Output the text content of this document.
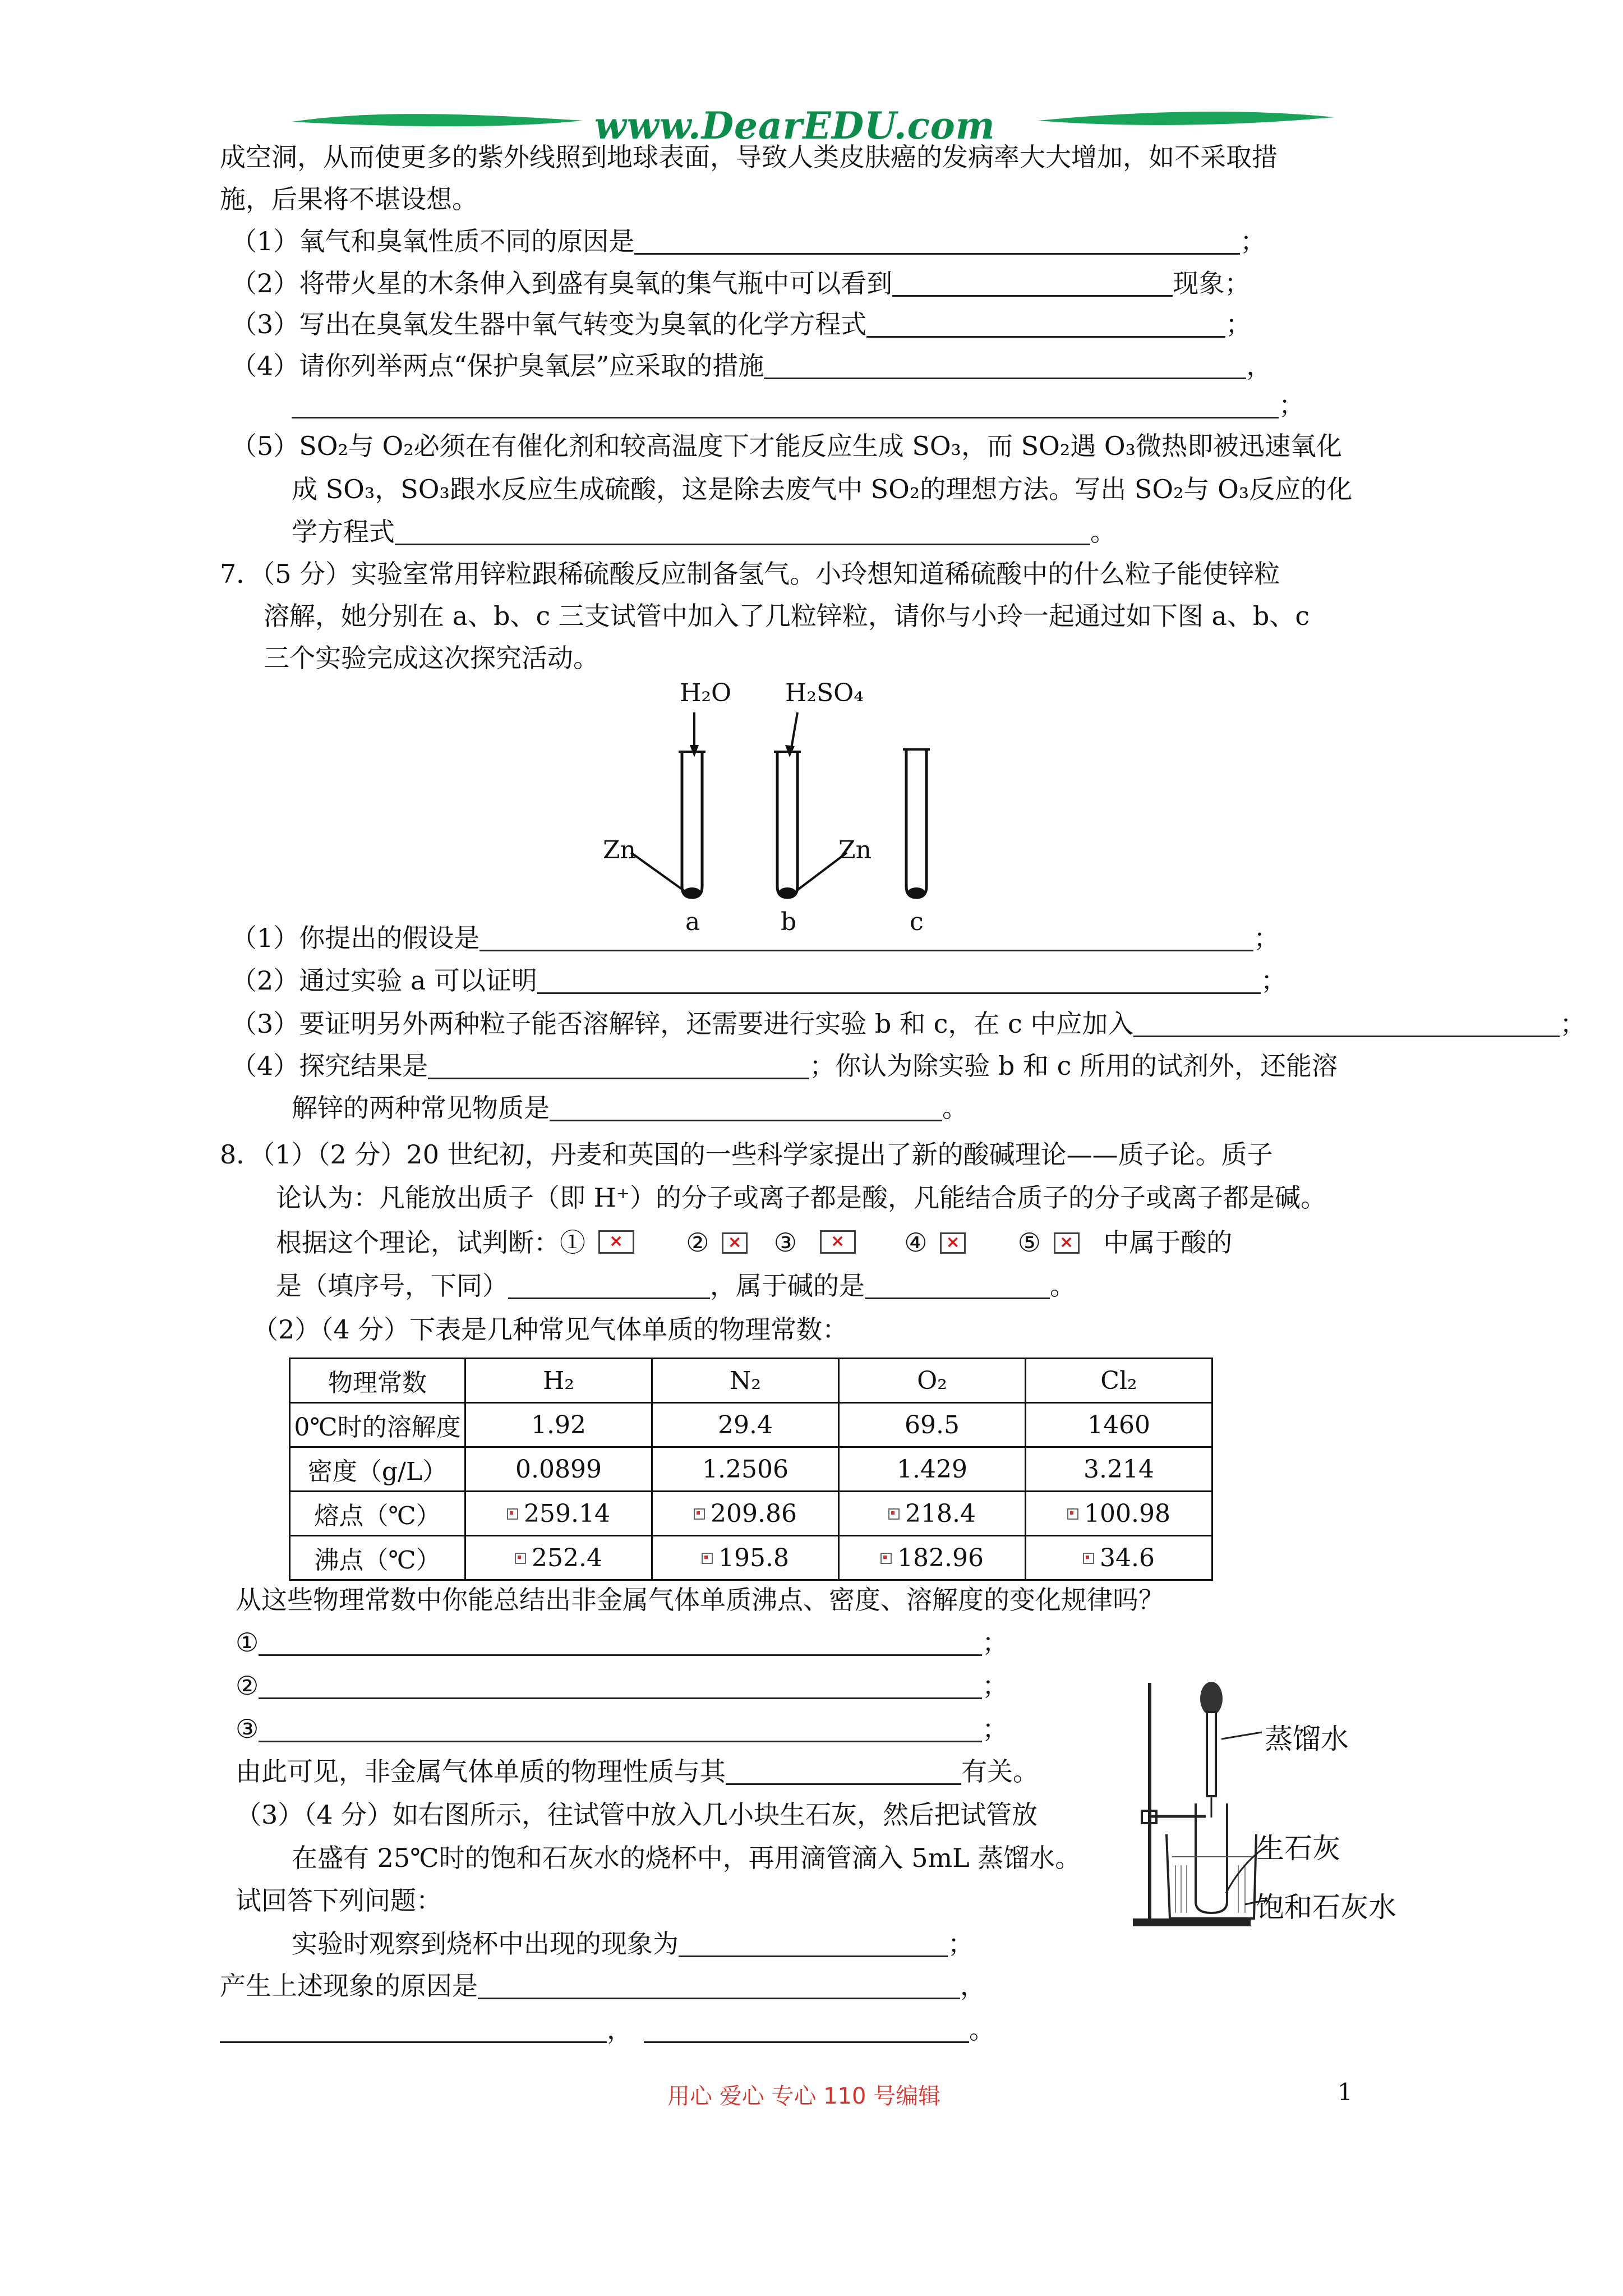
www.DearEDU.com
成空洞，从而使更多的紫外线照到地球表面，导致人类皮肤癌的发病率大大增加，如不采取措
施，后果将不堪设想。
（1）氧气和臭氧性质不同的原因是	；
（2）将带火星的木条伸入到盛有臭氧的集气瓶中可以看到	现象；
（3）写出在臭氧发生器中氧气转变为臭氧的化学方程式	；
（4）请你列举两点“保护臭氧层”应采取的措施	，
；
（5）SO₂与 O₂必须在有催化剂和较高温度下才能反应生成 SO₃，而 SO₂遇 O₃微热即被迅速氧化
成 SO₃，SO₃跟水反应生成硫酸，这是除去废气中 SO₂的理想方法。写出 SO₂与 O₃反应的化
学方程式	。
7．（5 分）实验室常用锌粒跟稀硫酸反应制备氢气。小玲想知道稀硫酸中的什么粒子能使锌粒
溶解，她分别在 a、b、c 三支试管中加入了几粒锌粒，请你与小玲一起通过如下图 a、b、c
三个实验完成这次探究活动。
H₂O H₂SO₄
Zn	Zn
a	b	c
（1）你提出的假设是	；
（2）通过实验 a 可以证明	；
（3）要证明另外两种粒子能否溶解锌，还需要进行实验 b 和 c，在 c 中应加入	；
（4）探究结果是	；你认为除实验 b 和 c 所用的试剂外，还能溶
解锌的两种常见物质是	。
8．（1）（2 分）20 世纪初，丹麦和英国的一些科学家提出了新的酸碱理论——质子论。质子
论认为：凡能放出质子（即 H⁺）的分子或离子都是酸，凡能结合质子的分子或离子都是碱。
根据这个理论，试判断：① × ② × ③ × ④ × ⑤ × 中属于酸的
是（填序号，下同）	，属于碱的是	。
（2）（4 分）下表是几种常见气体单质的物理常数：
物理常数	H₂	N₂	O₂	Cl₂
0℃时的溶解度	1.92	29.4	69.5	1460
密度（g/L）	0.0899	1.2506	1.429	3.214
熔点（℃）	259.14	209.86	218.4	100.98
沸点（℃）	252.4	195.8	182.96	34.6
从这些物理常数中你能总结出非金属气体单质沸点、密度、溶解度的变化规律吗？
①	；
②	；
③	；
由此可见，非金属气体单质的物理性质与其	有关。
（3）（4 分）如右图所示，往试管中放入几小块生石灰，然后把试管放
在盛有 25℃时的饱和石灰水的烧杯中，再用滴管滴入 5mL 蒸馏水。
试回答下列问题：
实验时观察到烧杯中出现的现象为	；
产生上述现象的原因是	，
，	。
蒸馏水
生石灰
饱和石灰水
用心 爱心 专心 110 号编辑	1
